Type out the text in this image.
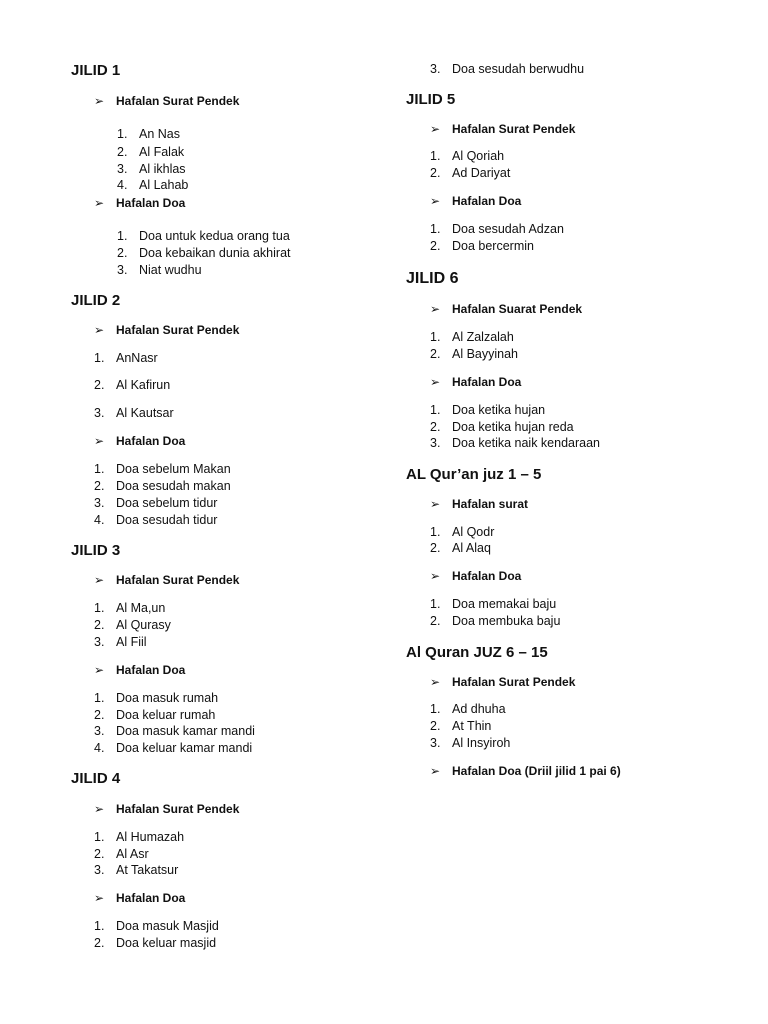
JILID 1
➢ Hafalan Surat Pendek
1. An Nas
2. Al Falak
3. Al ikhlas
4. Al Lahab
➢ Hafalan Doa
1. Doa untuk kedua orang tua
2. Doa kebaikan dunia akhirat
3. Niat wudhu
JILID 2
➢ Hafalan Surat Pendek
1. AnNasr
2. Al Kafirun
3. Al Kautsar
➢ Hafalan Doa
1. Doa sebelum Makan
2. Doa sesudah makan
3. Doa sebelum tidur
4. Doa sesudah tidur
JILID 3
➢ Hafalan Surat Pendek
1. Al Ma,un
2. Al Qurasy
3. Al Fiil
➢ Hafalan Doa
1. Doa masuk rumah
2. Doa keluar rumah
3. Doa masuk kamar mandi
4. Doa keluar kamar mandi
JILID 4
➢ Hafalan Surat Pendek
1. Al Humazah
2. Al Asr
3. At Takatsur
➢ Hafalan Doa
1. Doa masuk Masjid
2. Doa keluar masjid
3. Doa sesudah berwudhu
JILID 5
➢ Hafalan Surat Pendek
1. Al Qoriah
2. Ad Dariyat
➢ Hafalan Doa
1. Doa sesudah Adzan
2. Doa bercermin
JILID 6
➢ Hafalan Suarat Pendek
1. Al Zalzalah
2. Al Bayyinah
➢ Hafalan Doa
1. Doa ketika hujan
2. Doa ketika hujan reda
3. Doa ketika naik kendaraan
AL Qur’an juz 1 – 5
➢ Hafalan surat
1. Al Qodr
2. Al Alaq
➢ Hafalan Doa
1. Doa memakai baju
2. Doa membuka baju
Al Quran JUZ 6 – 15
➢ Hafalan Surat Pendek
1. Ad dhuha
2. At Thin
3. Al Insyiroh
➢ Hafalan Doa (Driil jilid 1 pai 6)
